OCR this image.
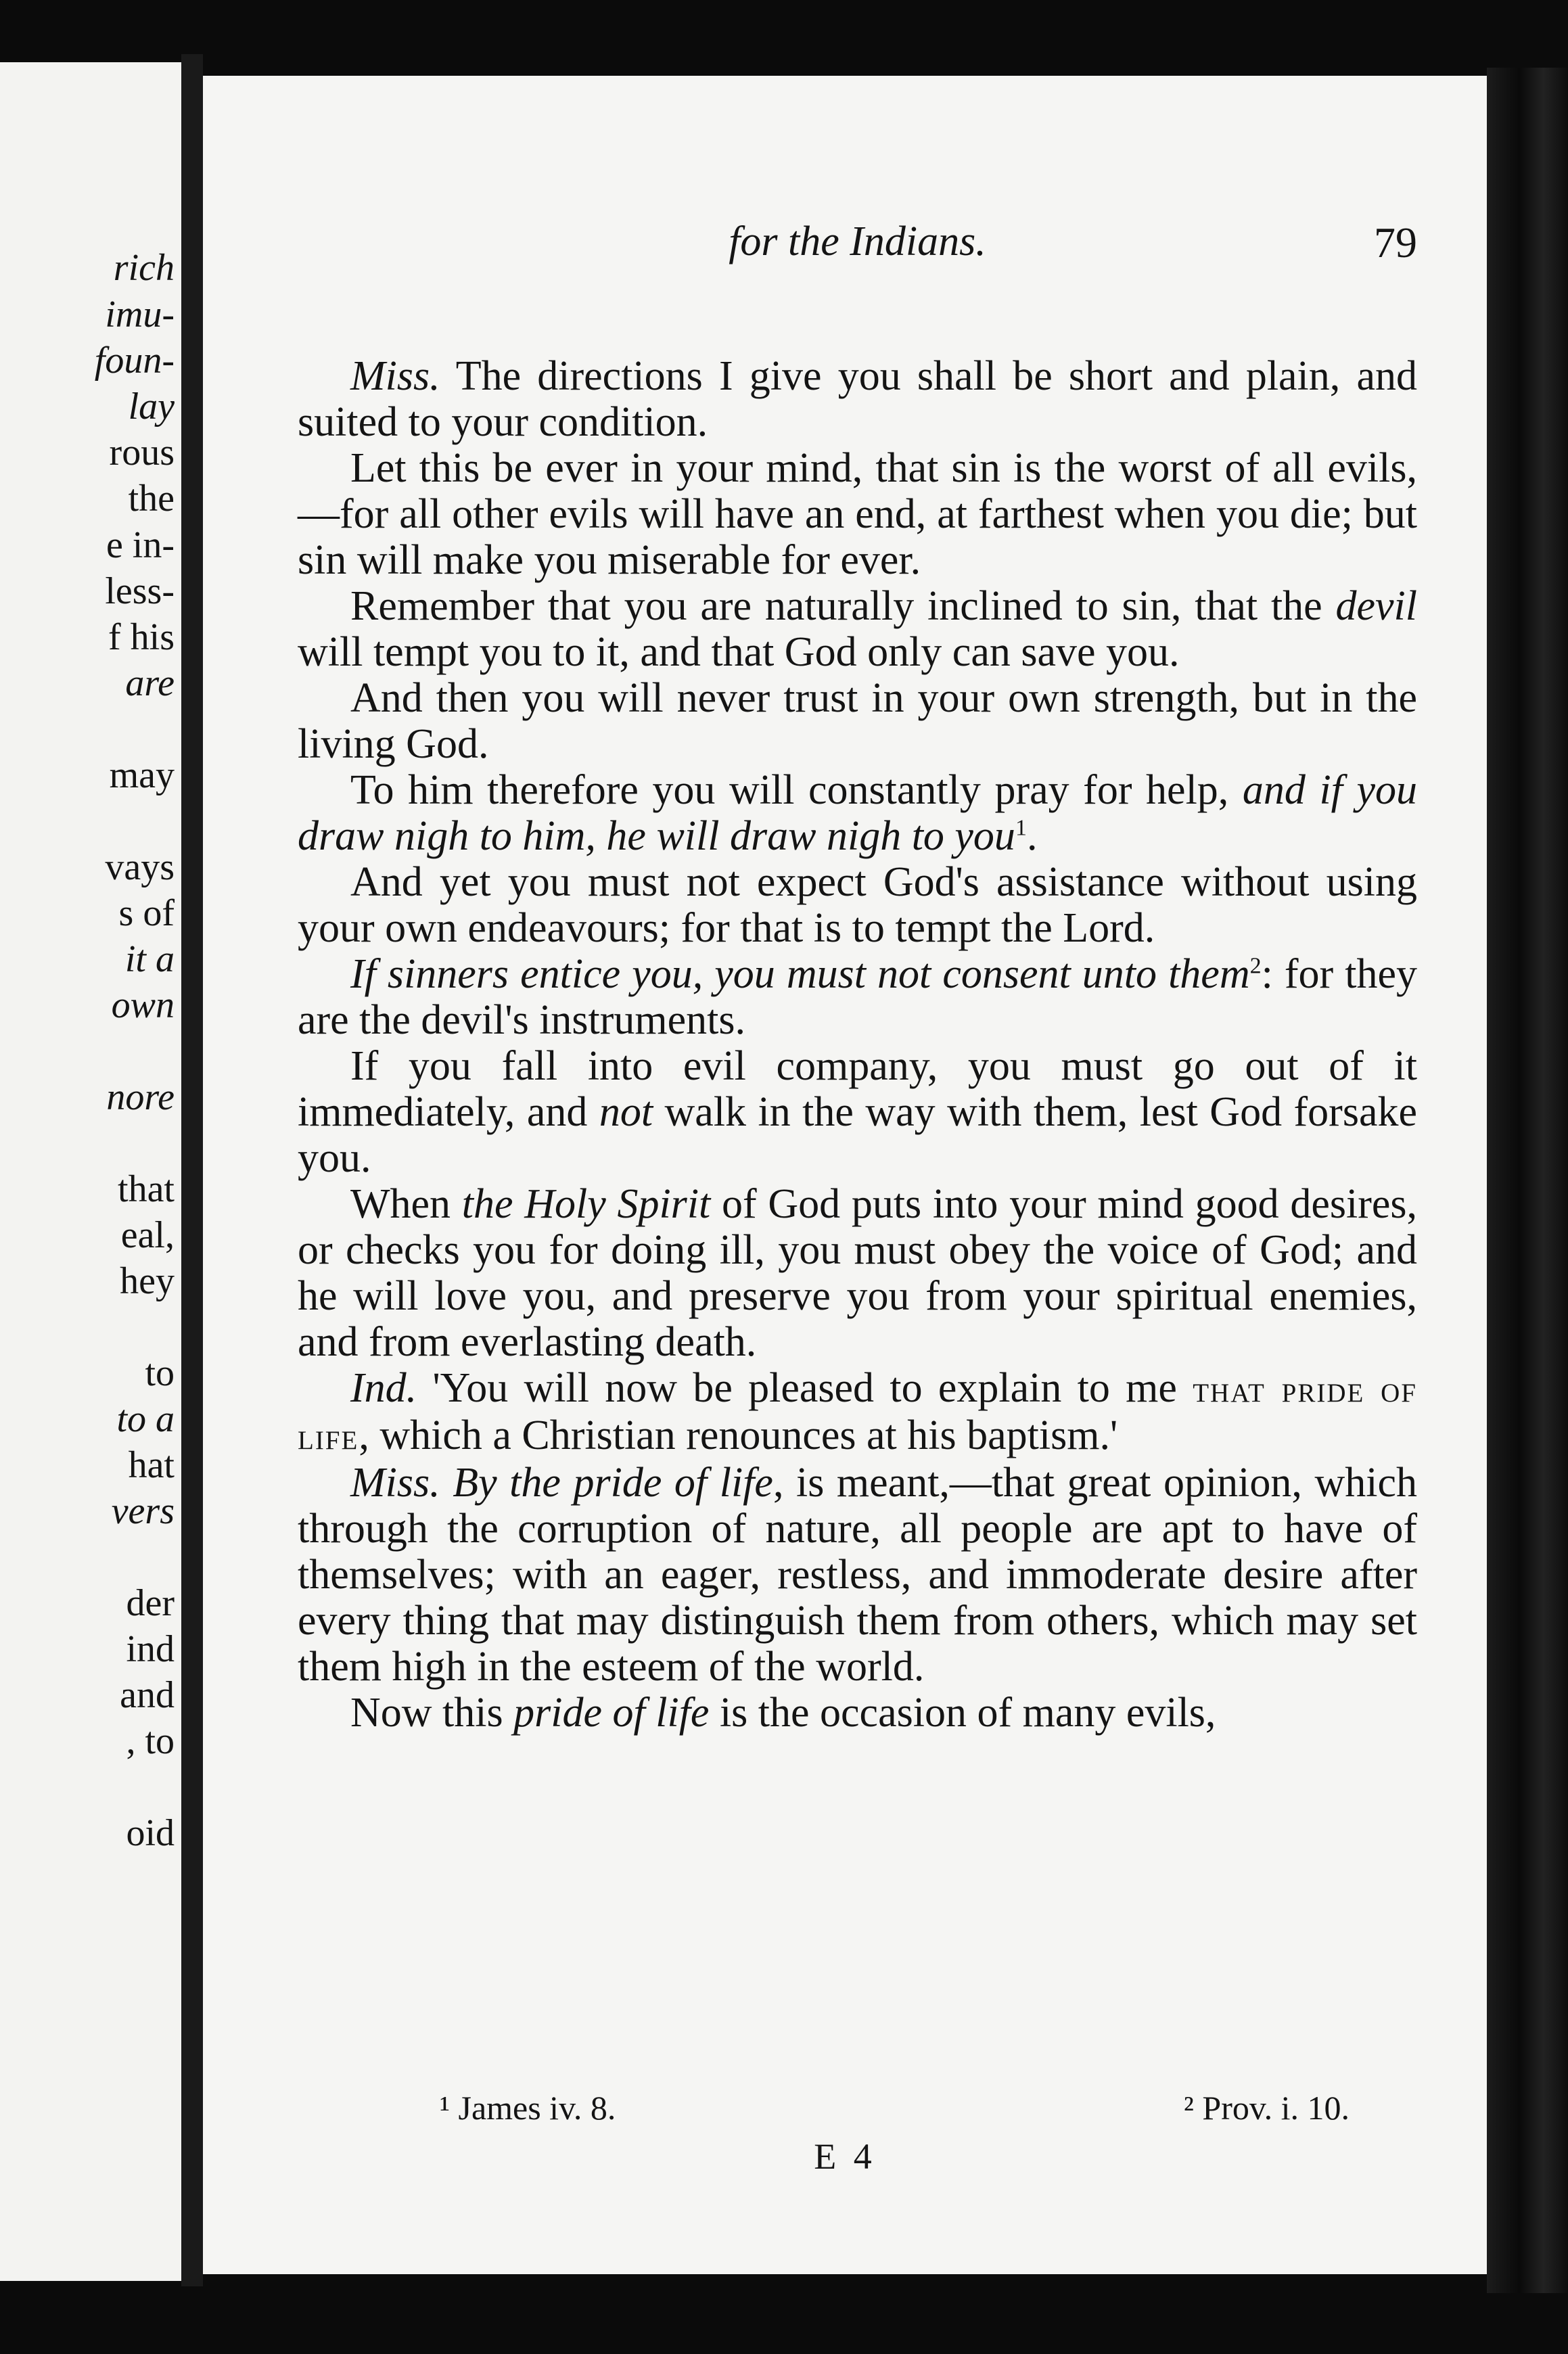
rich
imu-
foun-
lay
rous
the
e in-
less-
f his
are
may
vays
s of
it a
own
nore
that
eal,
hey
to
to a
hat
vers
der
ind
and
, to
oid
for the Indians.	79

Miss. The directions I give you shall be short and plain, and suited to your condition.

Let this be ever in your mind, that sin is the worst of all evils,—for all other evils will have an end, at farthest when you die; but sin will make you miserable for ever.

Remember that you are naturally inclined to sin, that the devil will tempt you to it, and that God only can save you.

And then you will never trust in your own strength, but in the living God.

To him therefore you will constantly pray for help, and if you draw nigh to him, he will draw nigh to you$^1$.

And yet you must not expect God's assistance without using your own endeavours; for that is to tempt the Lord.

If sinners entice you, you must not consent unto them$^2$: for they are the devil's instruments.

If you fall into evil company, you must go out of it immediately, and not walk in the way with them, lest God forsake you.

When the Holy Spirit of God puts into your mind good desires, or checks you for doing ill, you must obey the voice of God; and he will love you, and preserve you from your spiritual enemies, and from everlasting death.

Ind. 'You will now be pleased to explain to me that pride of life, which a Christian renounces at his baptism.'

Miss. By the pride of life, is meant,—that great opinion, which through the corruption of nature, all people are apt to have of themselves; with an eager, restless, and immoderate desire after every thing that may distinguish them from others, which may set them high in the esteem of the world.

Now this pride of life is the occasion of many evils,

¹ James iv. 8.	² Prov. i. 10.
E 4
